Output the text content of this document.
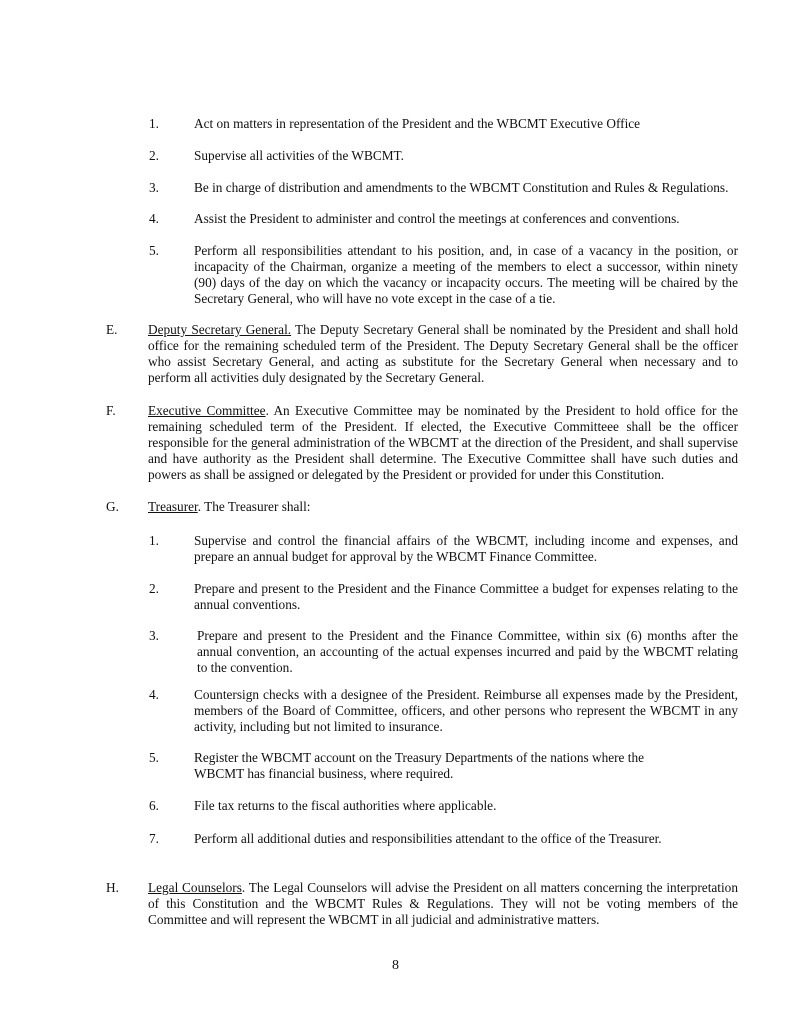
1.	Act on matters in representation of the President and the WBCMT Executive Office
2.	Supervise all activities of the WBCMT.
3.	Be in charge of distribution and amendments to the WBCMT Constitution and Rules & Regulations.
4.	Assist the President to administer and control the meetings at conferences and conventions.
5.	Perform all responsibilities attendant to his position, and, in case of a vacancy in the position, or incapacity of the Chairman, organize a meeting of the members to elect a successor, within ninety (90) days of the day on which the vacancy or incapacity occurs. The meeting will be chaired by the Secretary General, who will have no vote except in the case of a tie.
E. Deputy Secretary General. The Deputy Secretary General shall be nominated by the President and shall hold office for the remaining scheduled term of the President. The Deputy Secretary General shall be the officer who assist Secretary General, and acting as substitute for the Secretary General when necessary and to perform all activities duly designated by the Secretary General.
F. Executive Committee. An Executive Committee may be nominated by the President to hold office for the remaining scheduled term of the President. If elected, the Executive Committeee shall be the officer responsible for the general administration of the WBCMT at the direction of the President, and shall supervise and have authority as the President shall determine. The Executive Committee shall have such duties and powers as shall be assigned or delegated by the President or provided for under this Constitution.
G. Treasurer. The Treasurer shall:
1.	Supervise and control the financial affairs of the WBCMT, including income and expenses, and prepare an annual budget for approval by the WBCMT Finance Committee.
2.	Prepare and present to the President and the Finance Committee a budget for expenses relating to the annual conventions.
3.	Prepare and present to the President and the Finance Committee, within six (6) months after the annual convention, an accounting of the actual expenses incurred and paid by the WBCMT relating to the convention.
4.	Countersign checks with a designee of the President. Reimburse all expenses made by the President, members of the Board of Committee, officers, and other persons who represent the WBCMT in any activity, including but not limited to insurance.
5.	Register the WBCMT account on the Treasury Departments of the nations where the WBCMT has financial business, where required.
6.	File tax returns to the fiscal authorities where applicable.
7.	Perform all additional duties and responsibilities attendant to the office of the Treasurer.
H. Legal Counselors. The Legal Counselors will advise the President on all matters concerning the interpretation of this Constitution and the WBCMT Rules & Regulations. They will not be voting members of the Committee and will represent the WBCMT in all judicial and administrative matters.
8
